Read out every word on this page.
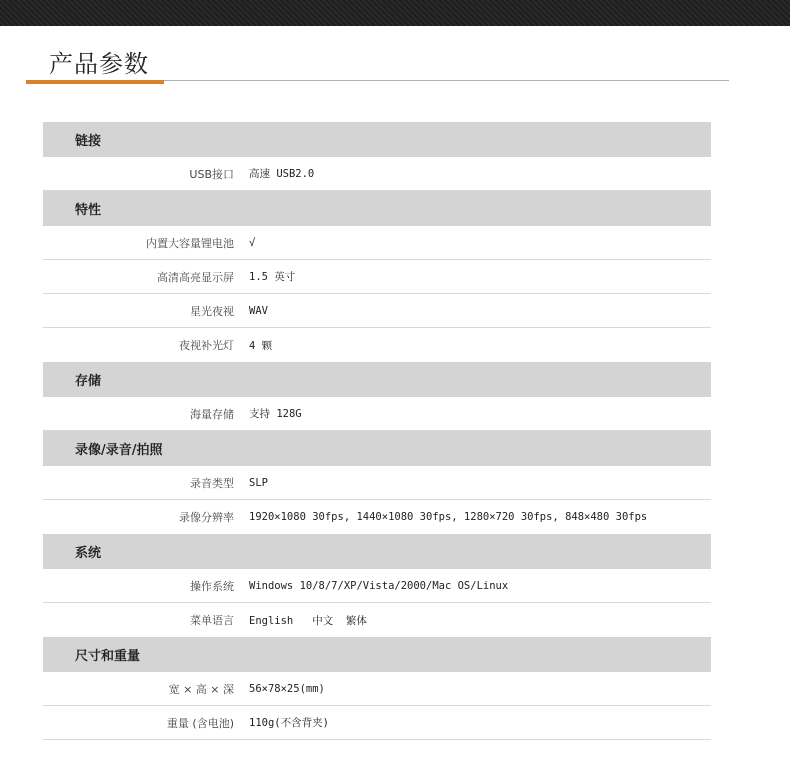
产品参数
链接
USB接口	高速 USB2.0
特性
内置大容量锂电池	√
高清高亮显示屏	1.5 英寸
星光夜视	WAV
夜视补光灯	4 颗
存储
海量存储	支持 128G
录像/录音/拍照
录音类型	SLP
录像分辨率	1920×1080 30fps, 1440×1080 30fps, 1280×720 30fps, 848×480 30fps
系统
操作系统	Windows 10/8/7/XP/Vista/2000/Mac OS/Linux
菜单语言	English   中文  繁体
尺寸和重量
宽 × 高 × 深	56×78×25(mm)
重量 (含电池)	110g(不含背夹)
